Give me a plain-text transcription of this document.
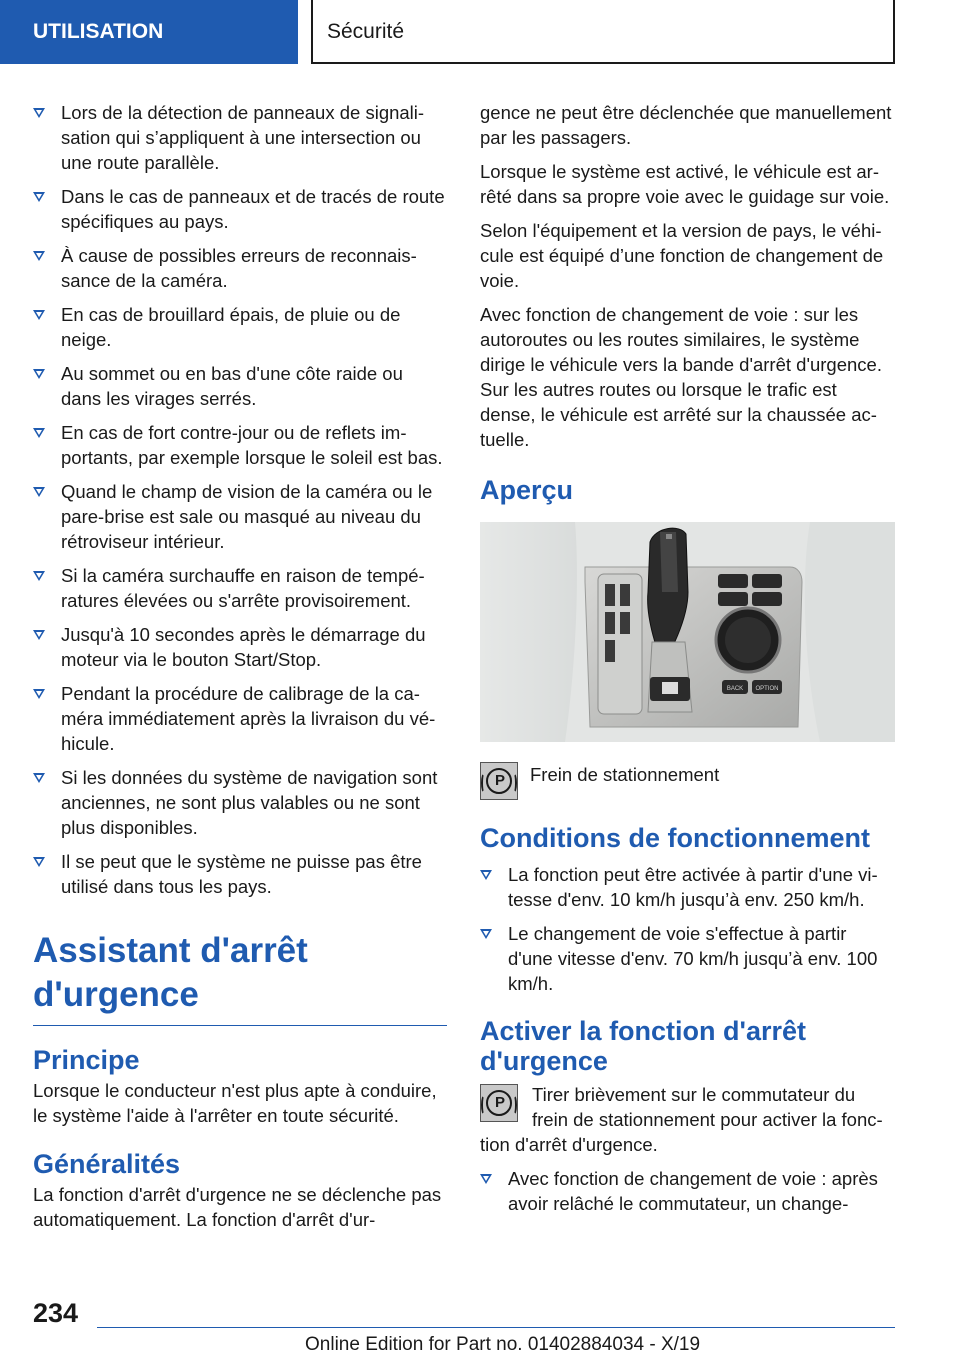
UTILISATION	Sécurité
Lors de la détection de panneaux de signalisation qui s’appliquent à une intersection ou une route parallèle.
Dans le cas de panneaux et de tracés de route spécifiques au pays.
À cause de possibles erreurs de reconnaissance de la caméra.
En cas de brouillard épais, de pluie ou de neige.
Au sommet ou en bas d'une côte raide ou dans les virages serrés.
En cas de fort contre-jour ou de reflets importants, par exemple lorsque le soleil est bas.
Quand le champ de vision de la caméra ou le pare-brise est sale ou masqué au niveau du rétroviseur intérieur.
Si la caméra surchauffe en raison de températures élevées ou s'arrête provisoirement.
Jusqu'à 10 secondes après le démarrage du moteur via le bouton Start/Stop.
Pendant la procédure de calibrage de la caméra immédiatement après la livraison du véhicule.
Si les données du système de navigation sont anciennes, ne sont plus valables ou ne sont plus disponibles.
Il se peut que le système ne puisse pas être utilisé dans tous les pays.
Assistant d'arrêt d'urgence
Principe

Lorsque le conducteur n'est plus apte à conduire, le système l'aide à l'arrêter en toute sécurité.

Généralités

La fonction d'arrêt d'urgence ne se déclenche pas automatiquement. La fonction d'arrêt d'ur-

gence ne peut être déclenchée que manuellement par les passagers.

Lorsque le système est activé, le véhicule est arrêté dans sa propre voie avec le guidage sur voie.

Selon l'équipement et la version de pays, le véhicule est équipé d’une fonction de changement de voie.

Avec fonction de changement de voie : sur les autoroutes ou les routes similaires, le système dirige le véhicule vers la bande d'arrêt d'urgence. Sur les autres routes ou lorsque le trafic est dense, le véhicule est arrêté sur la chaussée actuelle.

Aperçu
BACK OPTION
P	Frein de stationnement
Conditions de fonctionnement
La fonction peut être activée à partir d'une vitesse d'env. 10 km/h jusqu’à env. 250 km/h.
Le changement de voie s'effectue à partir d'une vitesse d'env. 70 km/h jusqu’à env. 100 km/h.
Activer la fonction d'arrêt d'urgence
P	Tirer brièvement sur le commutateur du frein de stationnement pour activer la fonction d'arrêt d'urgence.
Avec fonction de changement de voie : après avoir relâché le commutateur, un change-
234
Online Edition for Part no. 01402884034 - X/19
